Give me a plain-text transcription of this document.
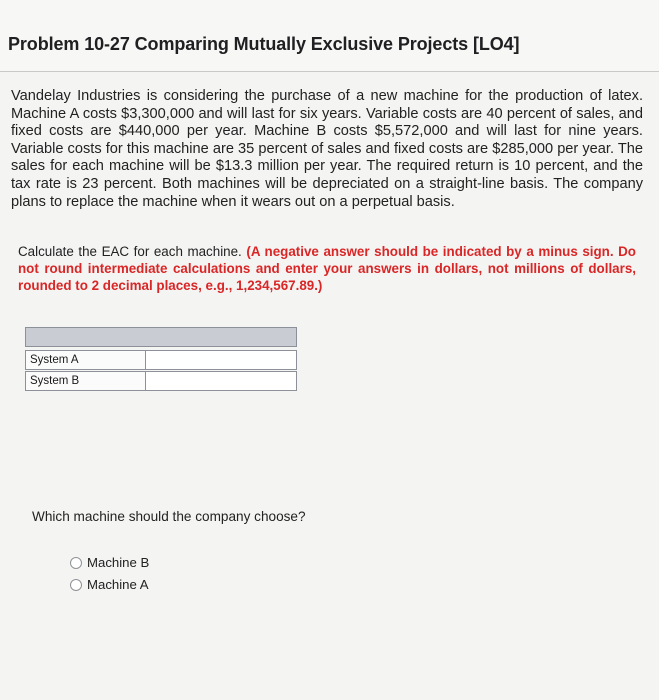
Problem 10-27 Comparing Mutually Exclusive Projects [LO4]
Vandelay Industries is considering the purchase of a new machine for the production of latex. Machine A costs $3,300,000 and will last for six years. Variable costs are 40 percent of sales, and fixed costs are $440,000 per year. Machine B costs $5,572,000 and will last for nine years. Variable costs for this machine are 35 percent of sales and fixed costs are $285,000 per year. The sales for each machine will be $13.3 million per year. The required return is 10 percent, and the tax rate is 23 percent. Both machines will be depreciated on a straight-line basis. The company plans to replace the machine when it wears out on a perpetual basis.
Calculate the EAC for each machine. (A negative answer should be indicated by a minus sign. Do not round intermediate calculations and enter your answers in dollars, not millions of dollars, rounded to 2 decimal places, e.g., 1,234,567.89.)
System A
System B
Which machine should the company choose?
Machine B
Machine A
